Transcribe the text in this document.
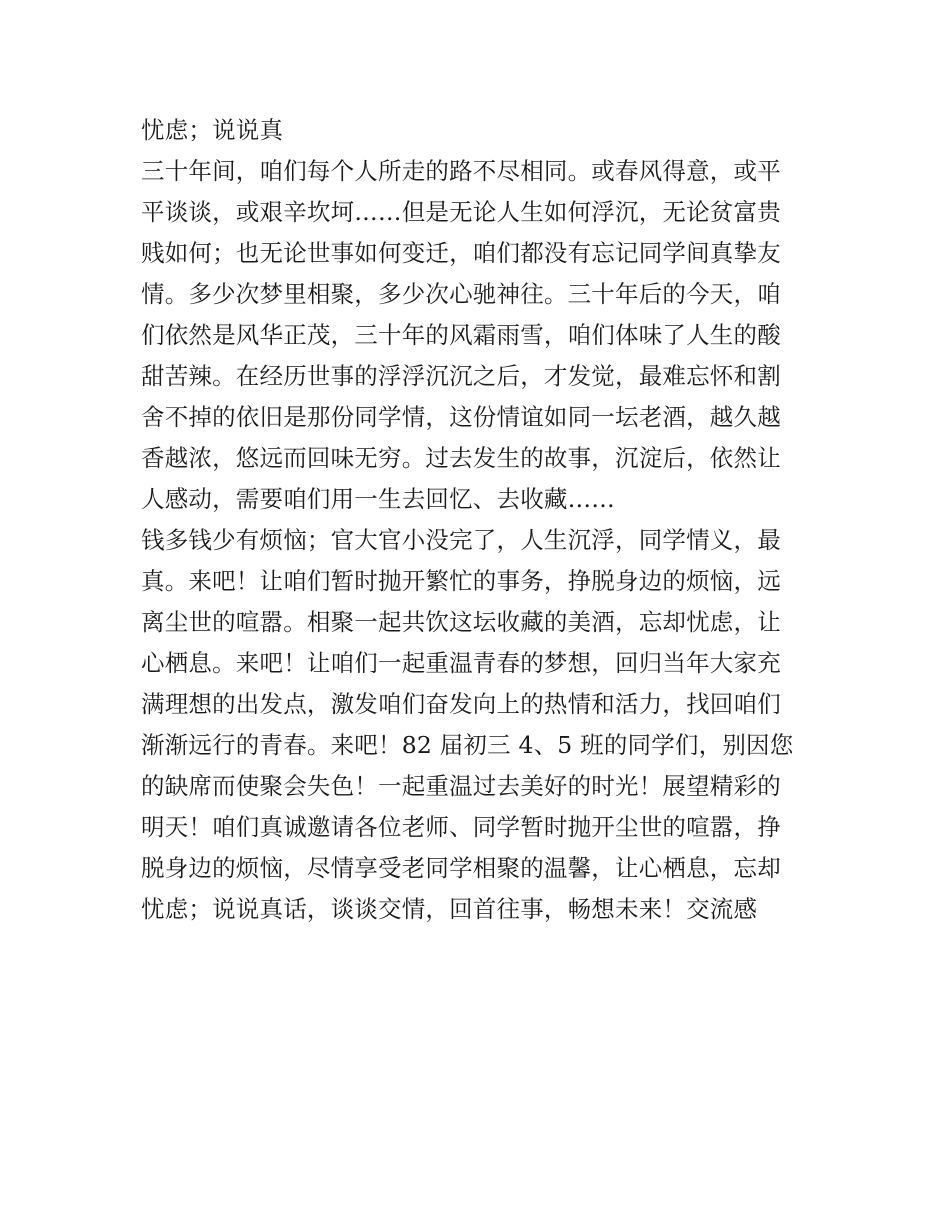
忧虑；说说真
三十年间，咱们每个人所走的路不尽相同。或春风得意，或平
平谈谈，或艰辛坎坷……但是无论人生如何浮沉，无论贫富贵
贱如何；也无论世事如何变迁，咱们都没有忘记同学间真挚友
情。多少次梦里相聚，多少次心驰神往。三十年后的今天，咱
们依然是风华正茂，三十年的风霜雨雪，咱们体味了人生的酸
甜苦辣。在经历世事的浮浮沉沉之后，才发觉，最难忘怀和割
舍不掉的依旧是那份同学情，这份情谊如同一坛老酒，越久越
香越浓，悠远而回味无穷。过去发生的故事，沉淀后，依然让
人感动，需要咱们用一生去回忆、去收藏……
钱多钱少有烦恼；官大官小没完了，人生沉浮，同学情义，最
真。来吧！让咱们暂时抛开繁忙的事务，挣脱身边的烦恼，远
离尘世的喧嚣。相聚一起共饮这坛收藏的美酒，忘却忧虑，让
心栖息。来吧！让咱们一起重温青春的梦想，回归当年大家充
满理想的出发点，激发咱们奋发向上的热情和活力，找回咱们
渐渐远行的青春。来吧！82 届初三 4、5 班的同学们，别因您
的缺席而使聚会失色！一起重温过去美好的时光！展望精彩的
明天！咱们真诚邀请各位老师、同学暂时抛开尘世的喧嚣，挣
脱身边的烦恼，尽情享受老同学相聚的温馨，让心栖息，忘却
忧虑；说说真话，谈谈交情，回首往事，畅想未来！交流感
